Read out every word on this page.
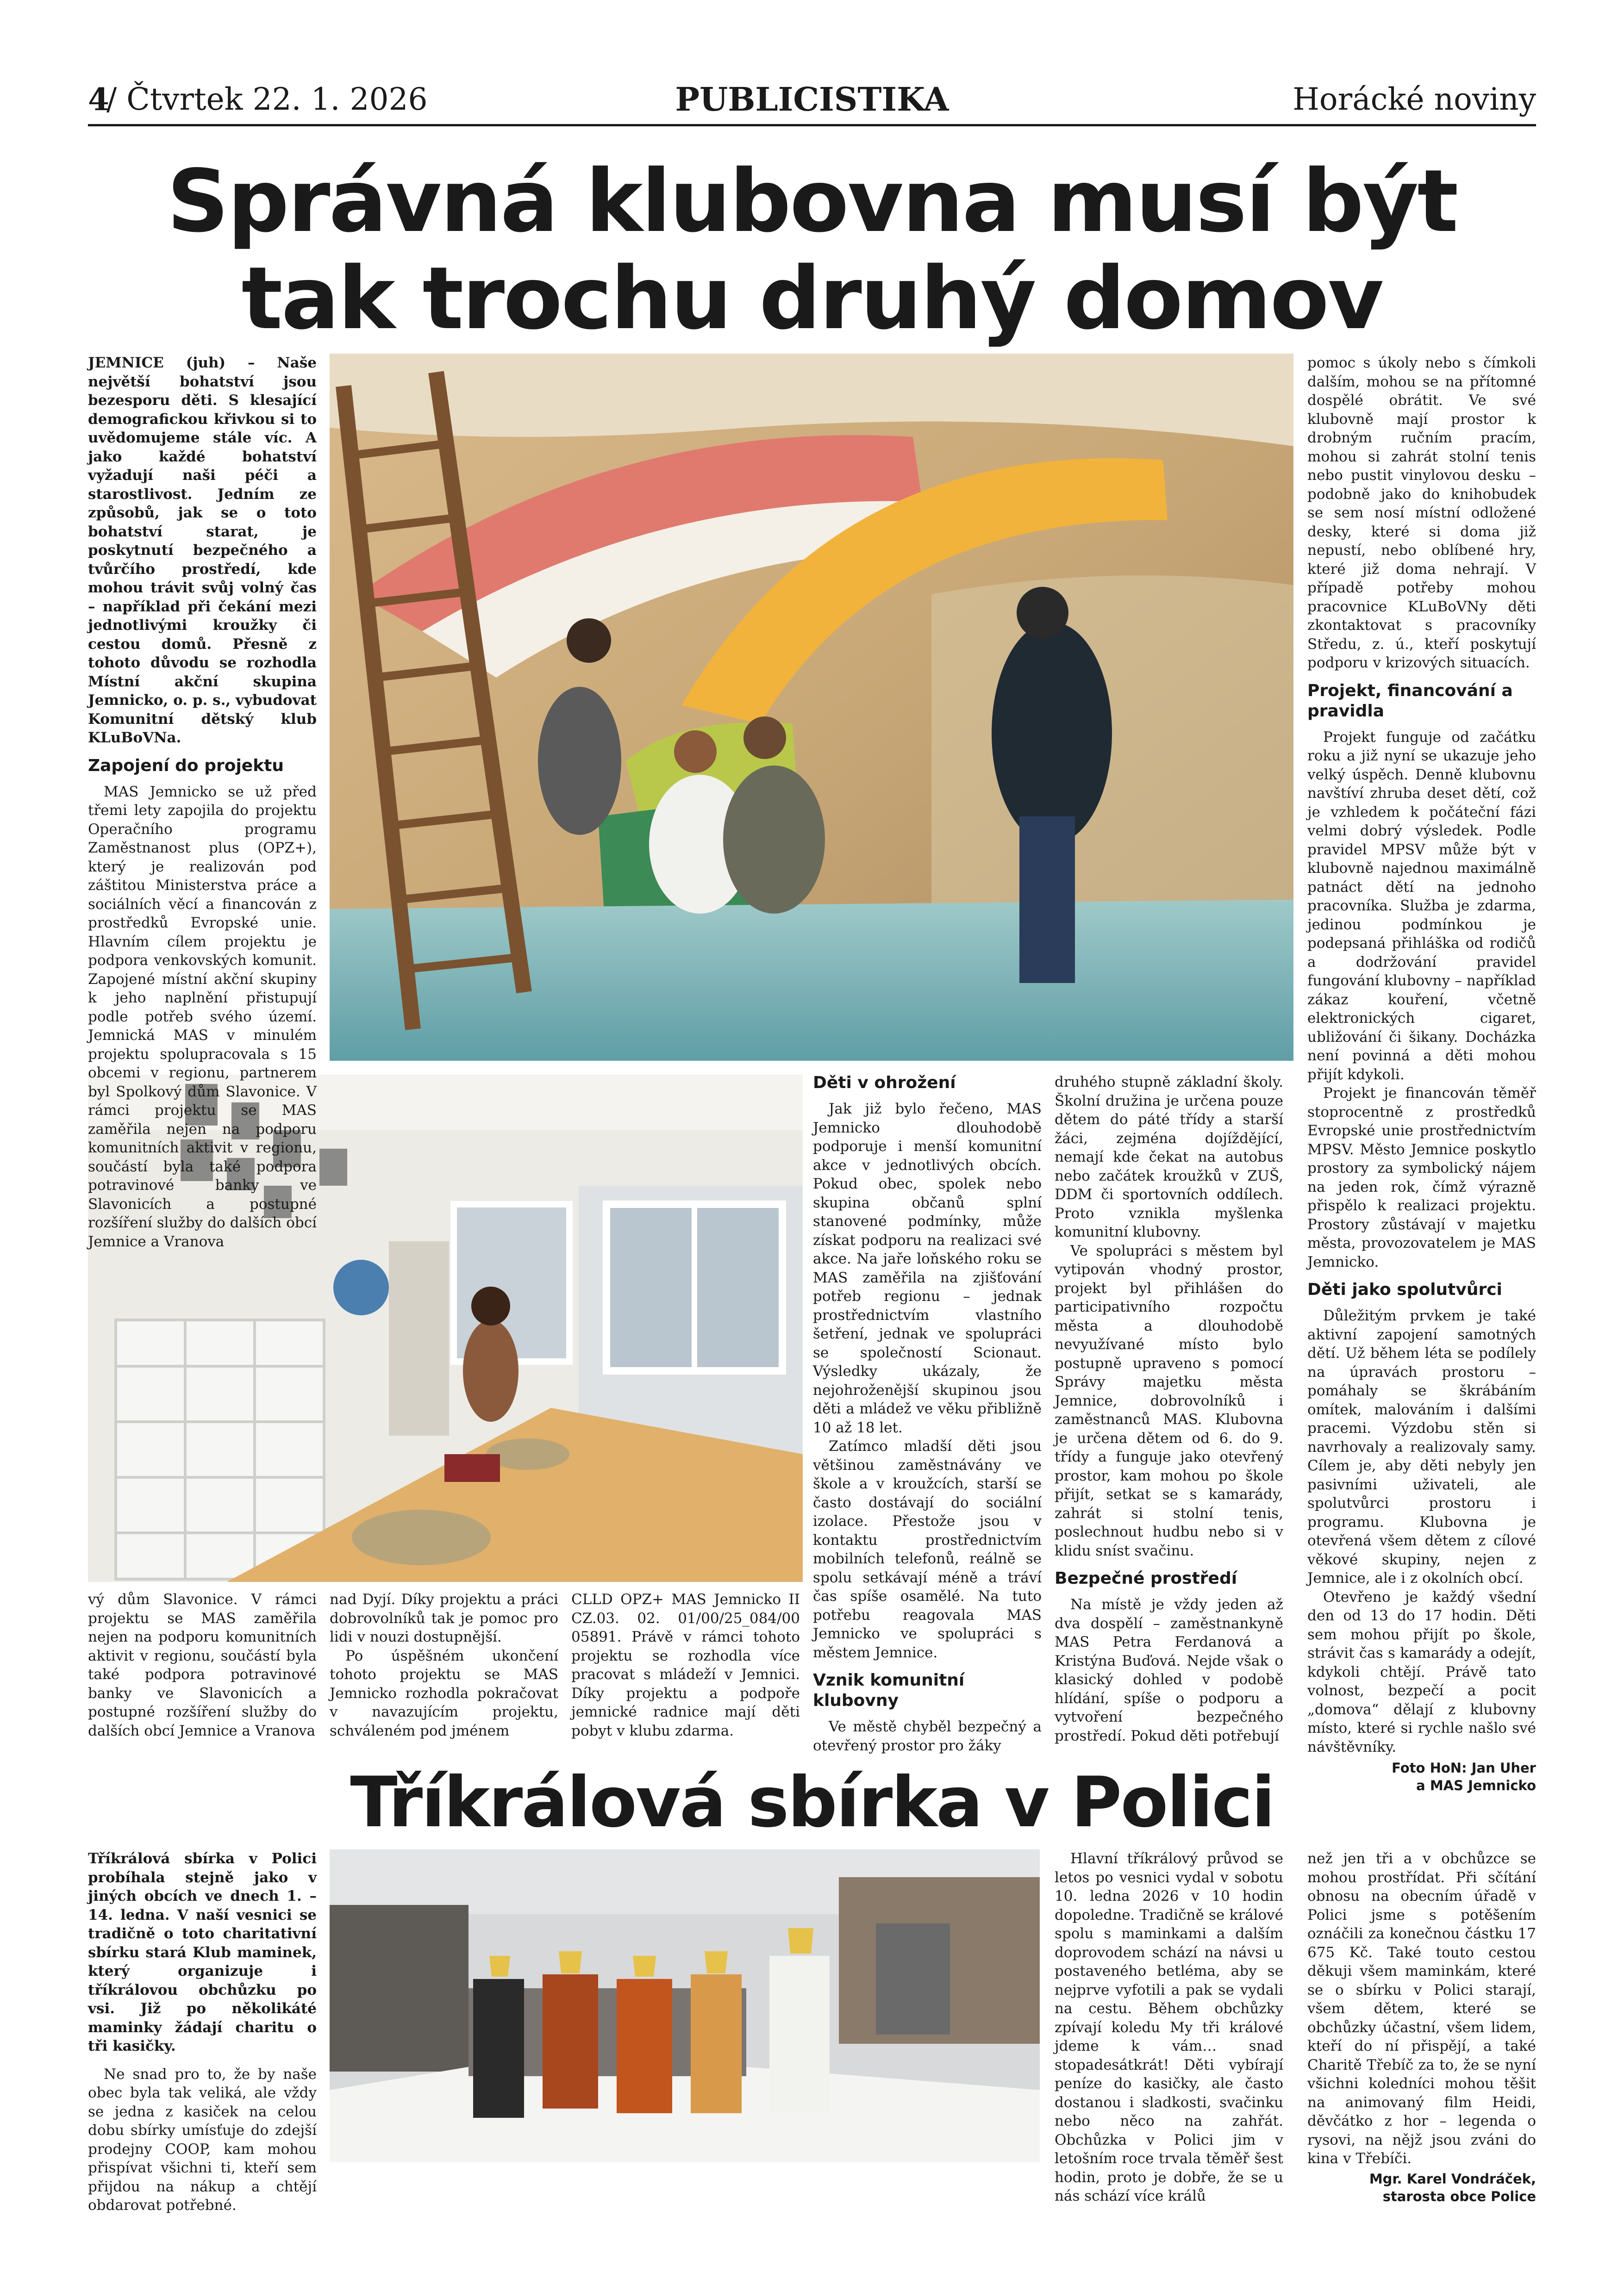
4
/ Čtvrtek 22. 1. 2026	PUBLICISTIKA	Horácké noviny
Správná klubovna musí být
tak trochu druhý domov

JEMNICE (juh) – Naše největší bohatství jsou bezesporu děti. S klesající demografickou křivkou si to uvědomujeme stále víc. A jako každé bohatství vyžadují naši péči a starostlivost. Jedním ze způsobů, jak se o toto bohatství starat, je poskytnutí bezpečného a tvůrčího prostředí, kde mohou trávit svůj volný čas – například při čekání mezi jednotlivými kroužky či cestou domů. Přesně z tohoto důvodu se rozhodla Místní akční skupina Jemnicko, o. p. s., vybudovat Komunitní dětský klub KLuBoVNa.

Zapojení do projektu

MAS Jemnicko se už před třemi lety zapojila do projektu Operačního programu Zaměstnanost plus (OPZ+), který je realizován pod záštitou Ministerstva práce a sociálních věcí a financován z prostředků Evropské unie. Hlavním cílem projektu je podpora venkovských komunit. Zapojené místní akční skupiny k jeho naplnění přistupují podle potřeb svého území. Jemnická MAS v minulém projektu spolupracovala s 15 obcemi v regionu, partnerem byl Spolkový dům Slavonice. V rámci projektu se MAS zaměřila nejen na podporu komunitních aktivit v regionu, součástí byla také podpora potravinové banky ve Slavonicích a postupné rozšíření služby do dalších obcí Jemnice a Vranova

vý dům Slavonice. V rámci projektu se MAS zaměřila nejen na podporu komunitních aktivit v regionu, součástí byla také podpora potravinové banky ve Slavonicích a postupné rozšíření služby do dalších obcí Jemnice a Vranova

nad Dyjí. Díky projektu a práci dobrovolníků tak je pomoc pro lidi v nouzi dostupnější.

Po úspěšném ukončení tohoto projektu se MAS Jemnicko rozhodla pokračovat v navazujícím projektu, schváleném pod jménem

CLLD OPZ+ MAS Jemnicko II CZ.03. 02. 01/00/25_084/00 05891. Právě v rámci tohoto projektu se rozhodla více pracovat s mládeží v Jemnici. Díky projektu a podpoře jemnické radnice mají děti pobyt v klubu zdarma.

Děti v ohrožení

Jak již bylo řečeno, MAS Jemnicko dlouhodobě podporuje i menší komunitní akce v jednotlivých obcích. Pokud obec, spolek nebo skupina občanů splní stanovené podmínky, může získat podporu na realizaci své akce. Na jaře loňského roku se MAS zaměřila na zjišťování potřeb regionu – jednak prostřednictvím vlastního šetření, jednak ve spolupráci se společností Scionaut. Výsledky ukázaly, že nejohroženější skupinou jsou děti a mládež ve věku přibližně 10 až 18 let.

Zatímco mladší děti jsou většinou zaměstnávány ve škole a v kroužcích, starší se často dostávají do sociální izolace. Přestože jsou v kontaktu prostřednictvím mobilních telefonů, reálně se spolu setkávají méně a tráví čas spíše osamělé. Na tuto potřebu reagovala MAS Jemnicko ve spolupráci s městem Jemnice.

Vznik komunitní klubovny

Ve městě chyběl bezpečný a otevřený prostor pro žáky

druhého stupně základní školy. Školní družina je určena pouze dětem do páté třídy a starší žáci, zejména dojíždějící, nemají kde čekat na autobus nebo začátek kroužků v ZUŠ, DDM či sportovních oddílech. Proto vznikla myšlenka komunitní klubovny.

Ve spolupráci s městem byl vytipován vhodný prostor, projekt byl přihlášen do participativního rozpočtu města a dlouhodobě nevyužívané místo bylo postupně upraveno s pomocí Správy majetku města Jemnice, dobrovolníků i zaměstnanců MAS. Klubovna je určena dětem od 6. do 9. třídy a funguje jako otevřený prostor, kam mohou po škole přijít, setkat se s kamarády, zahrát si stolní tenis, poslechnout hudbu nebo si v klidu sníst svačinu.

Bezpečné prostředí

Na místě je vždy jeden až dva dospělí – zaměstnankyně MAS Petra Ferdanová a Kristýna Buďová. Nejde však o klasický dohled v podobě hlídání, spíše o podporu a vytvoření bezpečného prostředí. Pokud děti potřebují

pomoc s úkoly nebo s čímkoli dalším, mohou se na přítomné dospělé obrátit. Ve své klubovně mají prostor k drobným ručním pracím, mohou si zahrát stolní tenis nebo pustit vinylovou desku – podobně jako do knihobudek se sem nosí místní odložené desky, které si doma již nepustí, nebo oblíbené hry, které již doma nehrají. V případě potřeby mohou pracovnice KLuBoVNy děti zkontaktovat s pracovníky Středu, z. ú., kteří poskytují podporu v krizových situacích.

Projekt, financování a pravidla

Projekt funguje od začátku roku a již nyní se ukazuje jeho velký úspěch. Denně klubovnu navštíví zhruba deset dětí, což je vzhledem k počáteční fázi velmi dobrý výsledek. Podle pravidel MPSV může být v klubovně najednou maximálně patnáct dětí na jednoho pracovníka. Služba je zdarma, jedinou podmínkou je podepsaná přihláška od rodičů a dodržování pravidel fungování klubovny – například zákaz kouření, včetně elektronických cigaret, ubližování či šikany. Docházka není povinná a děti mohou přijít kdykoli.

Projekt je financován těměř stoprocentně z prostředků Evropské unie prostřednictvím MPSV. Město Jemnice poskytlo prostory za symbolický nájem na jeden rok, čímž výrazně přispělo k realizaci projektu. Prostory zůstávají v majetku města, provozovatelem je MAS Jemnicko.

Děti jako spolutvůrci

Důležitým prvkem je také aktivní zapojení samotných dětí. Už během léta se podílely na úpravách prostoru – pomáhaly se škrábáním omítek, malováním i dalšími pracemi. Výzdobu stěn si navrhovaly a realizovaly samy. Cílem je, aby děti nebyly jen pasivními uživateli, ale spolutvůrci prostoru i programu. Klubovna je otevřená všem dětem z cílové věkové skupiny, nejen z Jemnice, ale i z okolních obcí.

Otevřeno je každý všední den od 13 do 17 hodin. Děti sem mohou přijít po škole, strávit čas s kamarády a odejít, kdykoli chtějí. Právě tato volnost, bezpečí a pocit „domova“ dělají z klubovny místo, které si rychle našlo své návštěvníky.

Foto HoN: Jan Uher
a MAS Jemnicko
Tříkrálová sbírka v Polici

Tříkrálová sbírka v Polici probíhala stejně jako v jiných obcích ve dnech 1. – 14. ledna. V naší vesnici se tradičně o toto charitativní sbírku stará Klub maminek, který organizuje i tříkrálovou obchůzku po vsi. Již po několikáté maminky žádají charitu o tři kasičky.

Ne snad pro to, že by naše obec byla tak veliká, ale vždy se jedna z kasiček na celou dobu sbírky umísťuje do zdejší prodejny COOP, kam mohou přispívat všichni ti, kteří sem přijdou na nákup a chtějí obdarovat potřebné.

Hlavní tříkrálový průvod se letos po vesnici vydal v sobotu 10. ledna 2026 v 10 hodin dopoledne. Tradičně se králové spolu s maminkami a dalším doprovodem schází na návsi u postaveného betléma, aby se nejprve vyfotili a pak se vydali na cestu. Během obchůzky zpívají koledu My tři králové jdeme k vám… snad stopadesátkrát! Děti vybírají peníze do kasičky, ale často dostanou i sladkosti, svačinku nebo něco na zahřát. Obchůzka v Polici jim v letošním roce trvala těměř šest hodin, proto je dobře, že se u nás schází více králů

než jen tři a v obchůzce se mohou prostřídat. Při sčítání obnosu na obecním úřadě v Polici jsme s potěšením oznáčili za konečnou částku 17 675 Kč. Také touto cestou děkuji všem maminkám, které se o sbírku v Polici starají, všem dětem, které se obchůzky účastní, všem lidem, kteří do ní přispějí, a také Charitě Třebíč za to, že se nyní všichni koledníci mohou těšit na animovaný film Heidi, děvčátko z hor – legenda o rysovi, na nějž jsou zváni do kina v Třebíči.

Mgr. Karel Vondráček,
starosta obce Police
